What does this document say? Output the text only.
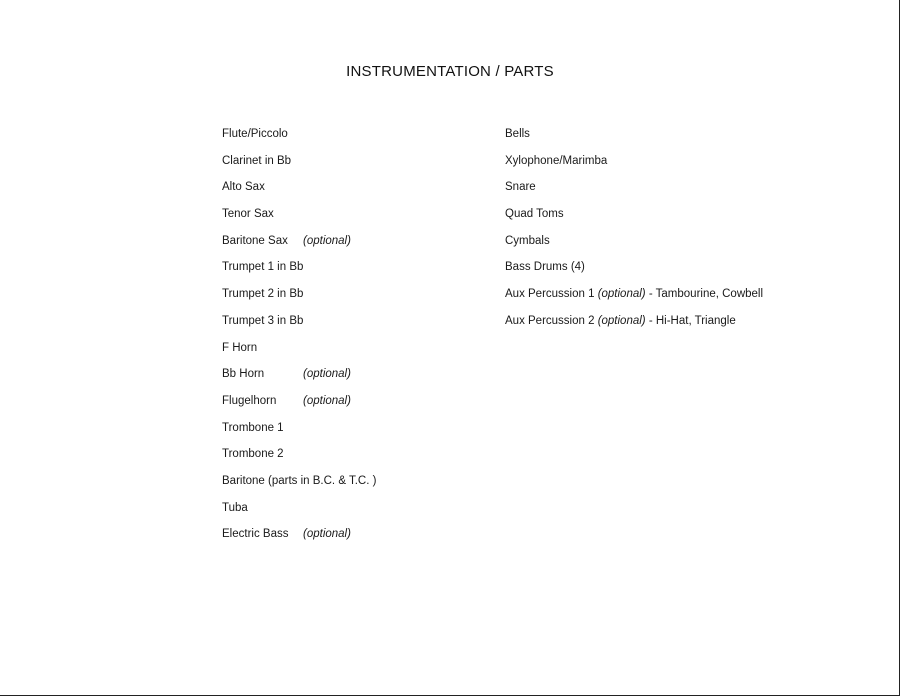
INSTRUMENTATION / PARTS
Flute/Piccolo
Clarinet in Bb
Alto Sax
Tenor Sax
Baritone Sax (optional)
Trumpet 1 in Bb
Trumpet 2 in Bb
Trumpet 3 in Bb
F Horn
Bb Horn	(optional)
Flugelhorn (optional)
Trombone 1
Trombone 2
Baritone (parts in B.C. & T.C. )
Tuba
Electric Bass (optional)
Bells
Xylophone/Marimba
Snare
Quad Toms
Cymbals
Bass Drums (4)
Aux Percussion 1 (optional) - Tambourine, Cowbell
Aux Percussion 2 (optional) - Hi-Hat, Triangle
